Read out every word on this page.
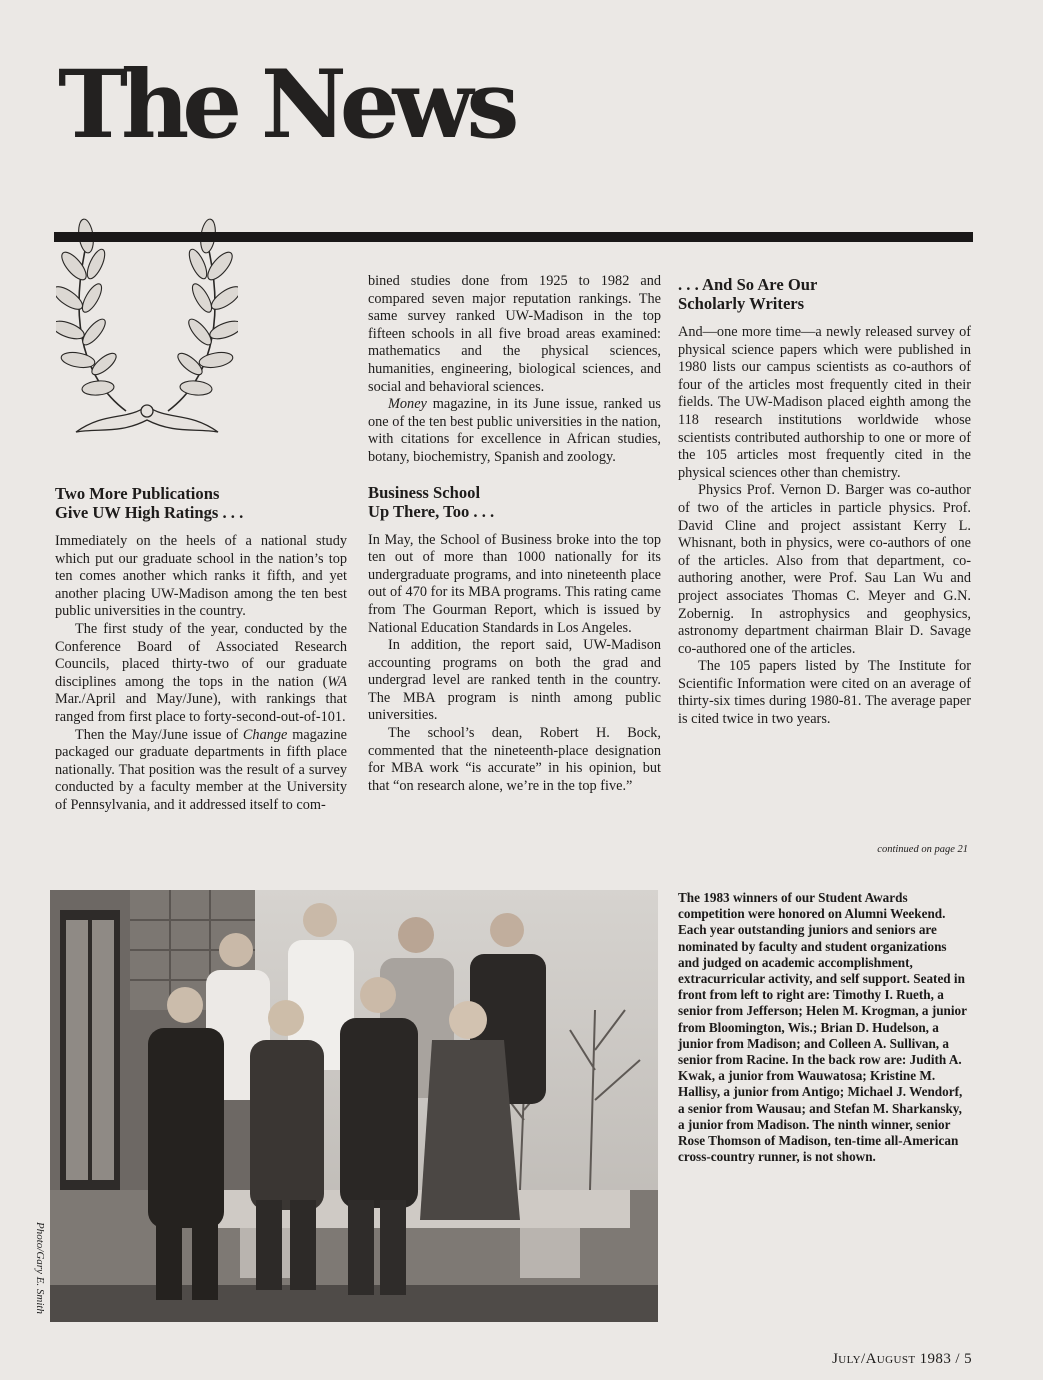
The News
Two More Publications
Give UW High Ratings . . .

Immediately on the heels of a national study which put our graduate school in the nation’s top ten comes another which ranks it fifth, and yet another placing UW-Madison among the ten best public universities in the country.

The first study of the year, conducted by the Conference Board of Associated Research Councils, placed thirty-two of our graduate disciplines among the tops in the nation (WA Mar./April and May/June), with rankings that ranged from first place to forty-second-out-of-101.

Then the May/June issue of Change magazine packaged our graduate departments in fifth place nationally. That position was the result of a survey conducted by a faculty member at the University of Pennsylvania, and it addressed itself to com-

bined studies done from 1925 to 1982 and compared seven major reputation rankings. The same survey ranked UW-Madison in the top fifteen schools in all five broad areas examined: mathematics and the physical sciences, humanities, engineering, biological sciences, and social and behavioral sciences.

Money magazine, in its June issue, ranked us one of the ten best public universities in the nation, with citations for excellence in African studies, botany, biochemistry, Spanish and zoology.

Business School
Up There, Too . . .

In May, the School of Business broke into the top ten out of more than 1000 nationally for its undergraduate programs, and into nineteenth place out of 470 for its MBA programs. This rating came from The Gourman Report, which is issued by National Education Standards in Los Angeles.

In addition, the report said, UW-Madison accounting programs on both the grad and undergrad level are ranked tenth in the country. The MBA program is ninth among public universities.

The school’s dean, Robert H. Bock, commented that the nineteenth-place designation for MBA work “is accurate” in his opinion, but that “on research alone, we’re in the top five.”

. . . And So Are Our
Scholarly Writers

And—one more time—a newly released survey of physical science papers which were published in 1980 lists our campus scientists as co-authors of four of the articles most frequently cited in their fields. The UW-Madison placed eighth among the 118 research institutions worldwide whose scientists contributed authorship to one or more of the 105 articles most frequently cited in the physical sciences other than chemistry.

Physics Prof. Vernon D. Barger was co-author of two of the articles in particle physics. Prof. David Cline and project assistant Kerry L. Whisnant, both in physics, were co-authors of one of the articles. Also from that department, co-authoring another, were Prof. Sau Lan Wu and project associates Thomas C. Meyer and G.N. Zobernig. In astrophysics and geophysics, astronomy department chairman Blair D. Savage co-authored one of the articles.

The 105 papers listed by The Institute for Scientific Information were cited on an average of thirty-six times during 1980-81. The average paper is cited twice in two years.

continued on page 21
Photo/Gary E. Smith
The 1983 winners of our Student Awards competition were honored on Alumni Weekend. Each year outstanding juniors and seniors are nominated by faculty and student organizations and judged on academic accomplishment, extracurricular activity, and self support. Seated in front from left to right are: Timothy I. Rueth, a senior from Jefferson; Helen M. Krogman, a junior from Bloomington, Wis.; Brian D. Hudelson, a junior from Madison; and Colleen A. Sullivan, a senior from Racine. In the back row are: Judith A. Kwak, a junior from Wauwatosa; Kristine M. Hallisy, a junior from Antigo; Michael J. Wendorf, a senior from Wausau; and Stefan M. Sharkansky, a junior from Madison. The ninth winner, senior Rose Thomson of Madison, ten-time all-American cross-country runner, is not shown.
July/August 1983 / 5
